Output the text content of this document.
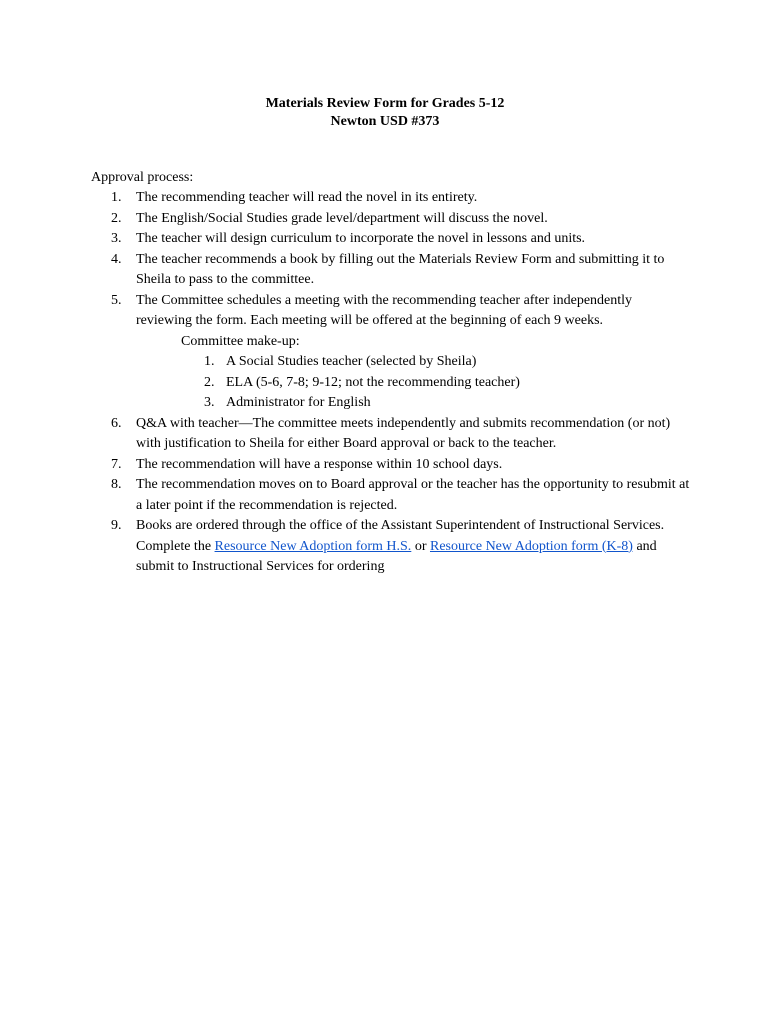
Materials Review Form for Grades 5-12
Newton USD #373
Approval process:
1. The recommending teacher will read the novel in its entirety.
2. The English/Social Studies grade level/department will discuss the novel.
3. The teacher will design curriculum to incorporate the novel in lessons and units.
4. The teacher recommends a book by filling out the Materials Review Form and submitting it to Sheila to pass to the committee.
5. The Committee schedules a meeting with the recommending teacher after independently reviewing the form. Each meeting will be offered at the beginning of each 9 weeks.
Committee make-up:
1. A Social Studies teacher (selected by Sheila)
2. ELA (5-6, 7-8; 9-12; not the recommending teacher)
3. Administrator for English
6. Q&A with teacher—The committee meets independently and submits recommendation (or not) with justification to Sheila for either Board approval or back to the teacher.
7. The recommendation will have a response within 10 school days.
8. The recommendation moves on to Board approval or the teacher has the opportunity to resubmit at a later point if the recommendation is rejected.
9. Books are ordered through the office of the Assistant Superintendent of Instructional Services. Complete the Resource New Adoption form H.S. or Resource New Adoption form (K-8) and submit to Instructional Services for ordering
